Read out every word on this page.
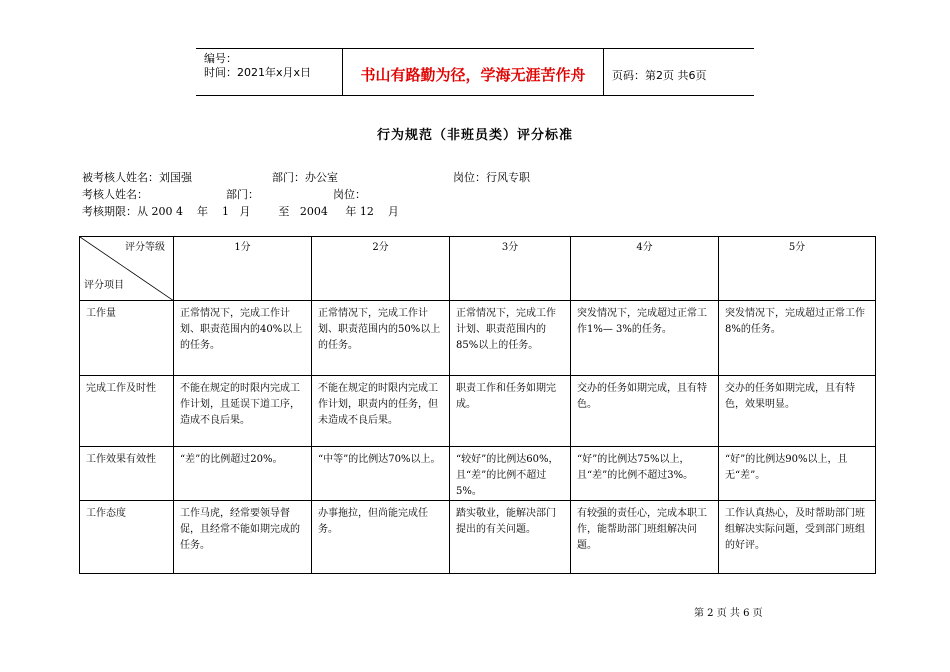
编号：
时间：2021年x月x日	书山有路勤为径，学海无涯苦作舟	页码：第2页 共6页
行为规范（非班员类）评分标准
被考核人姓名：刘国强	部门：办公室	岗位：行风专职
考核人姓名：	部门：	岗位：
考核期限：从 200 4    年    1   月        至   2004     年 12    月
评分等级
评分项目	1分	2分	3分	4分	5分
工作量	正常情况下，完成工作计划、职责范围内的40%以上的任务。	正常情况下，完成工作计划、职责范围内的50%以上的任务。	正常情况下，完成工作计划、职责范围内的85%以上的任务。	突发情况下，完成超过正常工作1%— 3%的任务。	突发情况下，完成超过正常工作8%的任务。
完成工作及时性	不能在规定的时限内完成工作计划，且延误下道工序，造成不良后果。	不能在规定的时限内完成工作计划，职责内的任务，但未造成不良后果。	职责工作和任务如期完成。	交办的任务如期完成，且有特色。	交办的任务如期完成，且有特色，效果明显。
工作效果有效性	“差”的比例超过20%。	“中等”的比例达70%以上。	“较好”的比例达60%，且“差”的比例不超过5%。	“好”的比例达75%以上，且“差”的比例不超过3%。	“好”的比例达90%以上，且无“差”。
工作态度	工作马虎，经常要领导督促，且经常不能如期完成的任务。	办事拖拉，但尚能完成任务。	踏实敬业，能解决部门提出的有关问题。	有较强的责任心，完成本职工作，能帮助部门班组解决问题。	工作认真热心，及时帮助部门班组解决实际问题，受到部门班组的好评。
第 2 页 共 6 页
